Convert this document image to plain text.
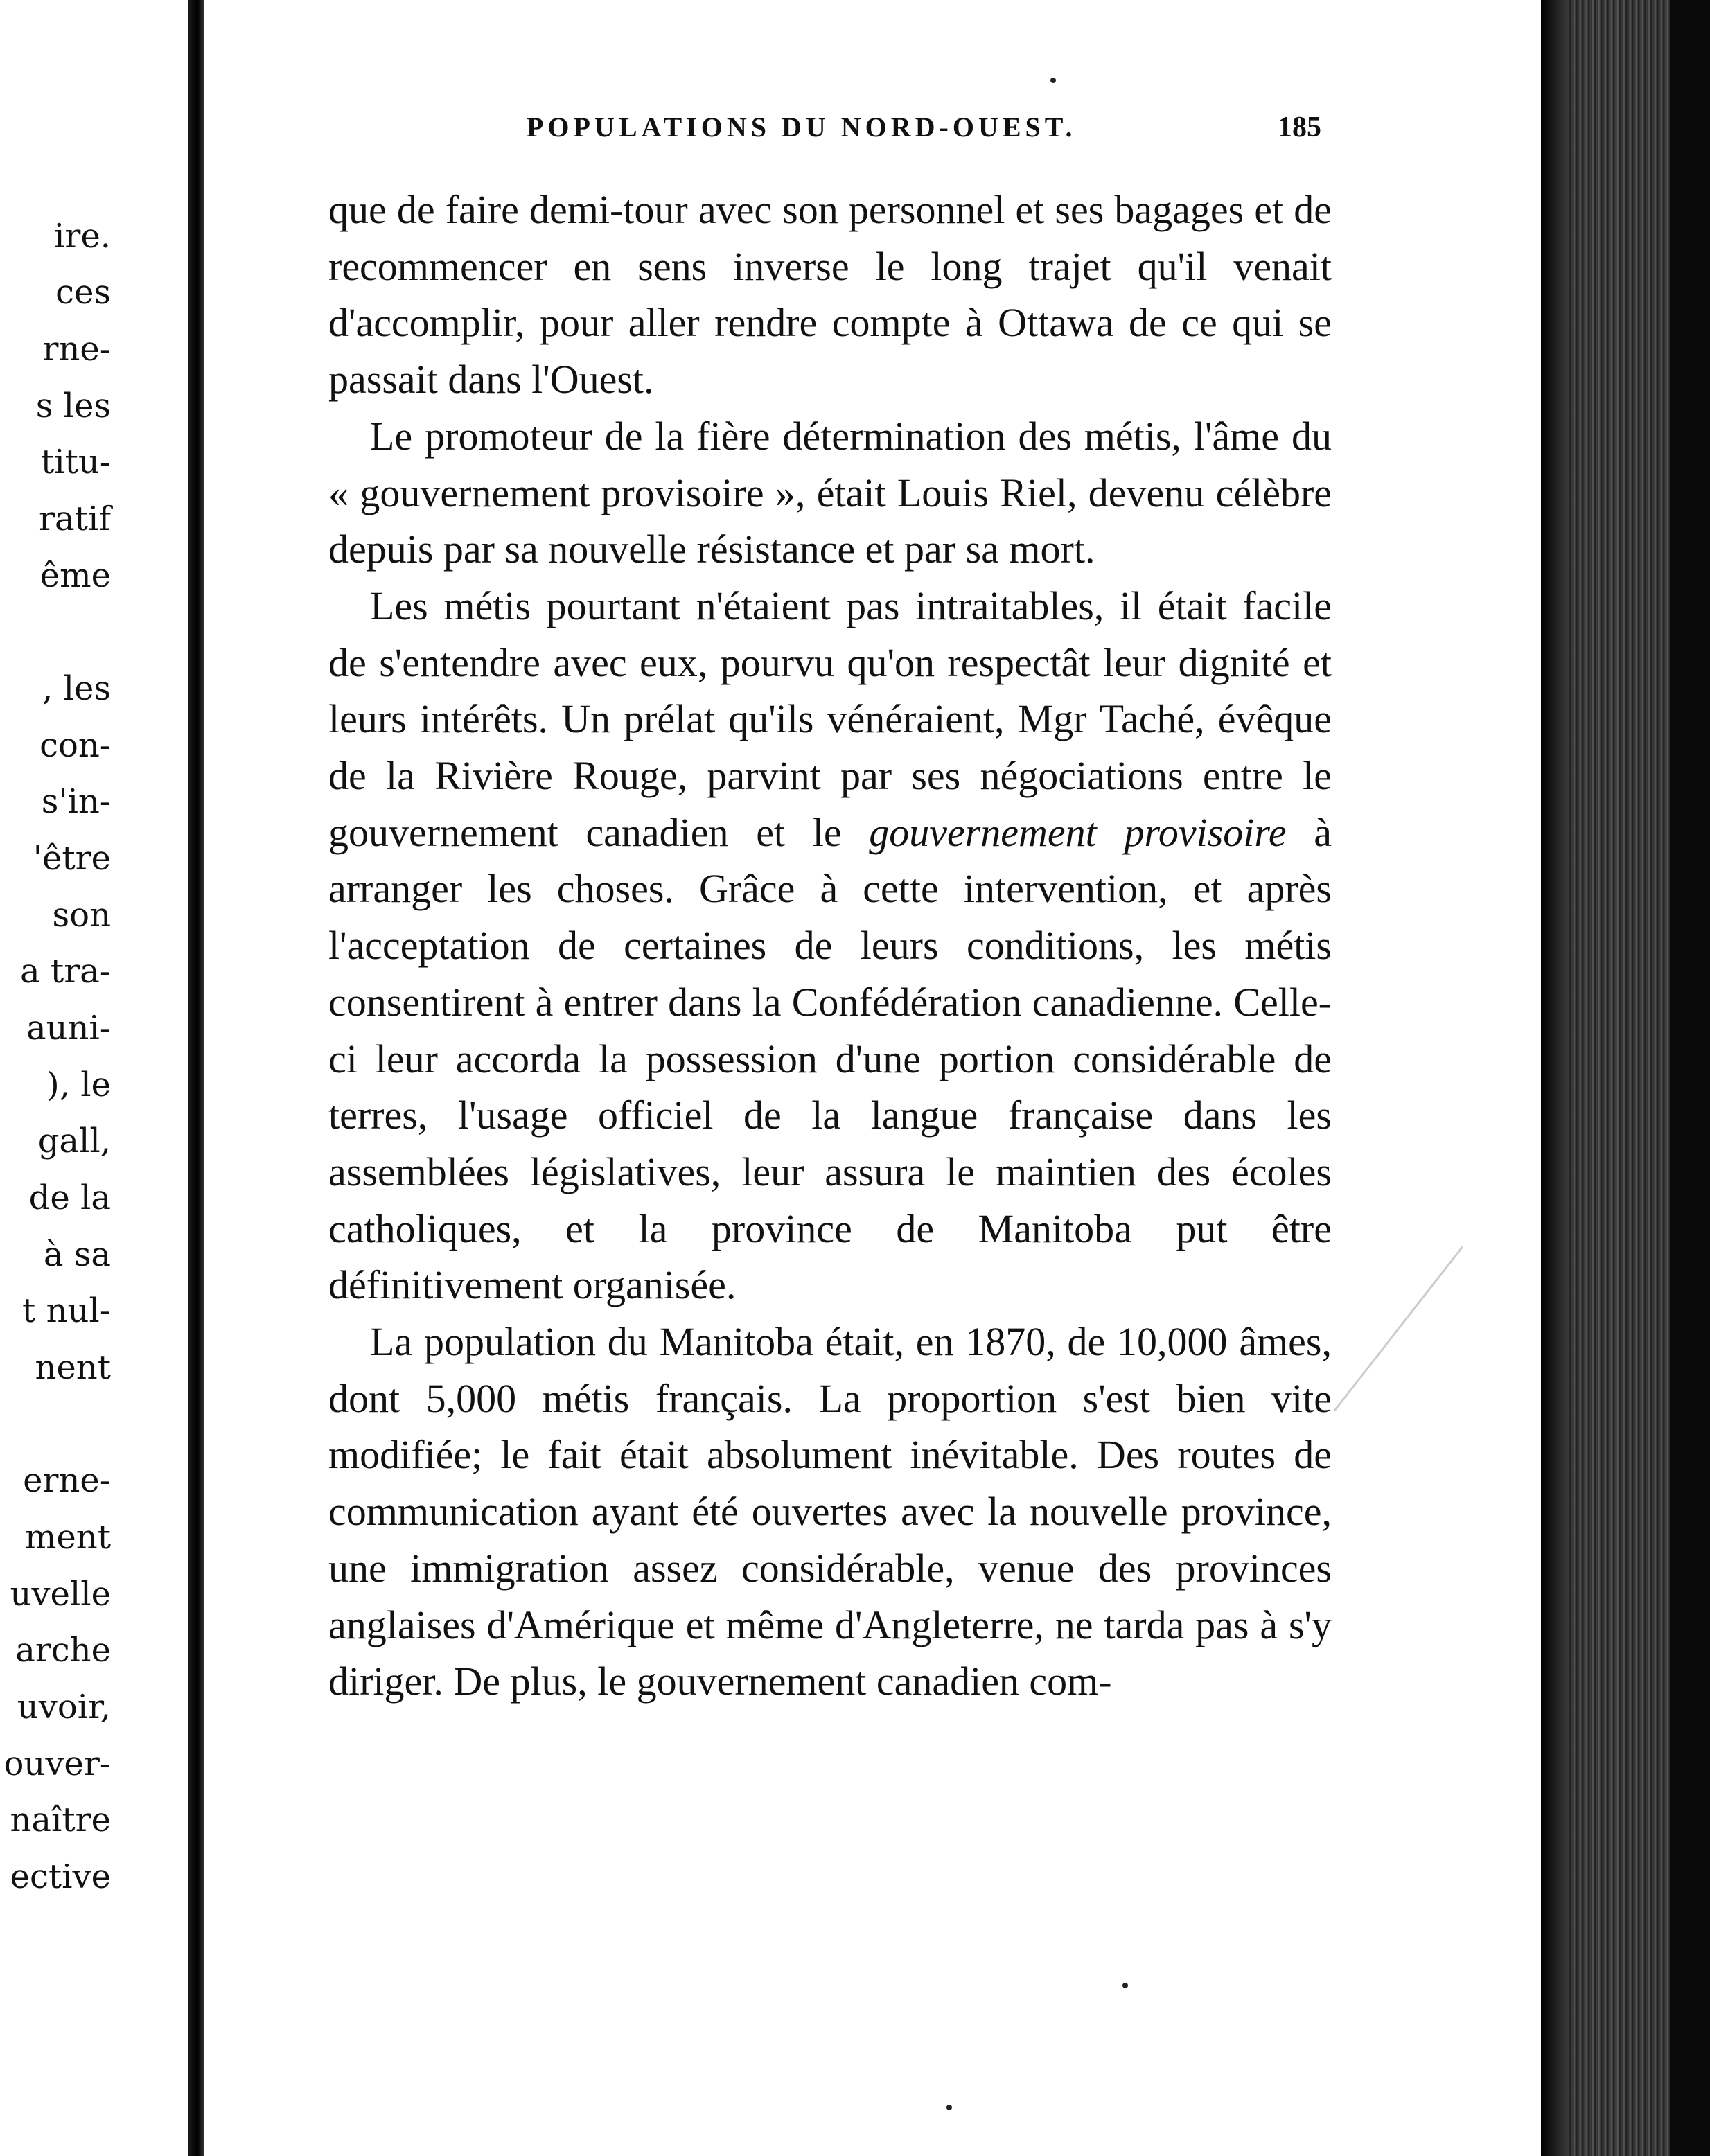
ire.
ces
rne-
s les
titu-
ratif
ême
, les
con-
s'in-
'être
son
a tra-
auni-
), le
gall,
de la
à sa
t nul-
nent
erne-
ment
uvelle
arche
uvoir,
ouver-
naître
ective
POPULATIONS DU NORD-OUEST.	185

que de faire demi-tour avec son personnel et ses bagages et de recommencer en sens inverse le long trajet qu'il venait d'accomplir, pour aller rendre compte à Ottawa de ce qui se passait dans l'Ouest.

Le promoteur de la fière détermination des métis, l'âme du « gouvernement provisoire », était Louis Riel, devenu célèbre depuis par sa nouvelle résistance et par sa mort.

Les métis pourtant n'étaient pas intraitables, il était facile de s'entendre avec eux, pourvu qu'on respectât leur dignité et leurs intérêts. Un prélat qu'ils vénéraient, Mgr Taché, évêque de la Rivière Rouge, parvint par ses négociations entre le gouvernement canadien et le gouvernement provisoire à arranger les choses. Grâce à cette intervention, et après l'acceptation de certaines de leurs conditions, les métis consentirent à entrer dans la Confédération canadienne. Celle-ci leur accorda la possession d'une portion considérable de terres, l'usage officiel de la langue française dans les assemblées législatives, leur assura le maintien des écoles catholiques, et la province de Manitoba put être définitivement organisée.

La population du Manitoba était, en 1870, de 10,000 âmes, dont 5,000 métis français. La proportion s'est bien vite modifiée; le fait était absolument inévitable. Des routes de communication ayant été ouvertes avec la nouvelle province, une immigration assez considérable, venue des provinces anglaises d'Amérique et même d'Angleterre, ne tarda pas à s'y diriger. De plus, le gouvernement canadien com-
